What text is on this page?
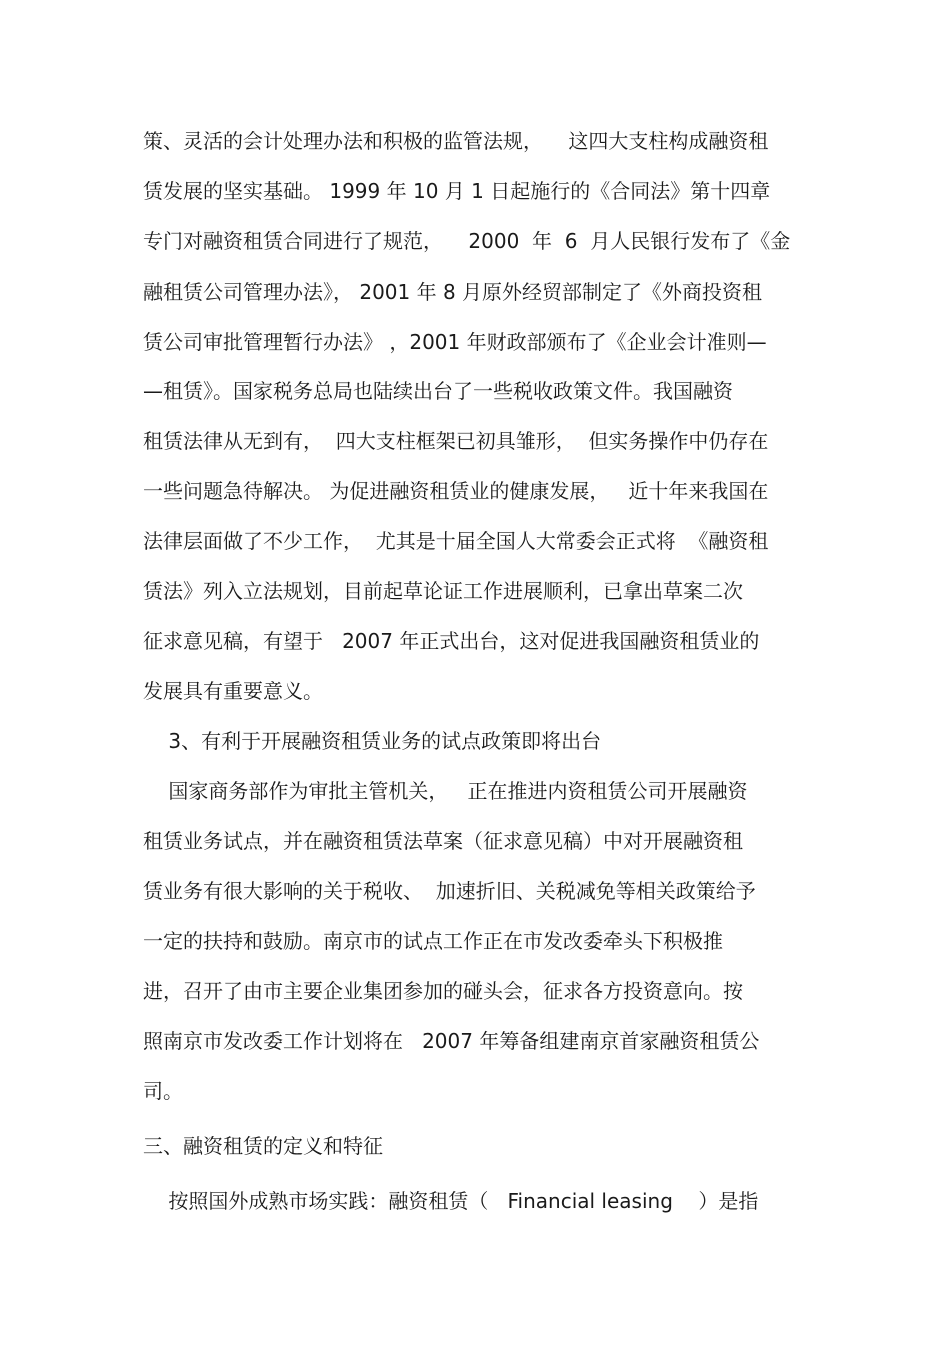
策、灵活的会计处理办法和积极的监管法规，    这四大支柱构成融资租

赁发展的坚实基础。 1999 年 10 月 1 日起施行的《合同法》第十四章

专门对融资租赁合同进行了规范，    2000  年  6  月人民银行发布了《金

融租赁公司管理办法》， 2001 年 8 月原外经贸部制定了《外商投资租

赁公司审批管理暂行办法》 ，2001 年财政部颁布了《企业会计准则—

—租赁》。国家税务总局也陆续出台了一些税收政策文件。我国融资

租赁法律从无到有，  四大支柱框架已初具雏形，  但实务操作中仍存在

一些问题急待解决。 为促进融资租赁业的健康发展，   近十年来我国在

法律层面做了不少工作，  尤其是十届全国人大常委会正式将  《融资租

赁法》列入立法规划，目前起草论证工作进展顺利，已拿出草案二次

征求意见稿，有望于   2007 年正式出台，这对促进我国融资租赁业的

发展具有重要意义。

3、有利于开展融资租赁业务的试点政策即将出台

国家商务部作为审批主管机关，   正在推进内资租赁公司开展融资

租赁业务试点，并在融资租赁法草案（征求意见稿）中对开展融资租

赁业务有很大影响的关于税收、  加速折旧、关税减免等相关政策给予

一定的扶持和鼓励。南京市的试点工作正在市发改委牵头下积极推

进，召开了由市主要企业集团参加的碰头会，征求各方投资意向。按

照南京市发改委工作计划将在   2007 年筹备组建南京首家融资租赁公

司。

三、融资租赁的定义和特征

按照国外成熟市场实践：融资租赁（   Financial leasing    ）是指
